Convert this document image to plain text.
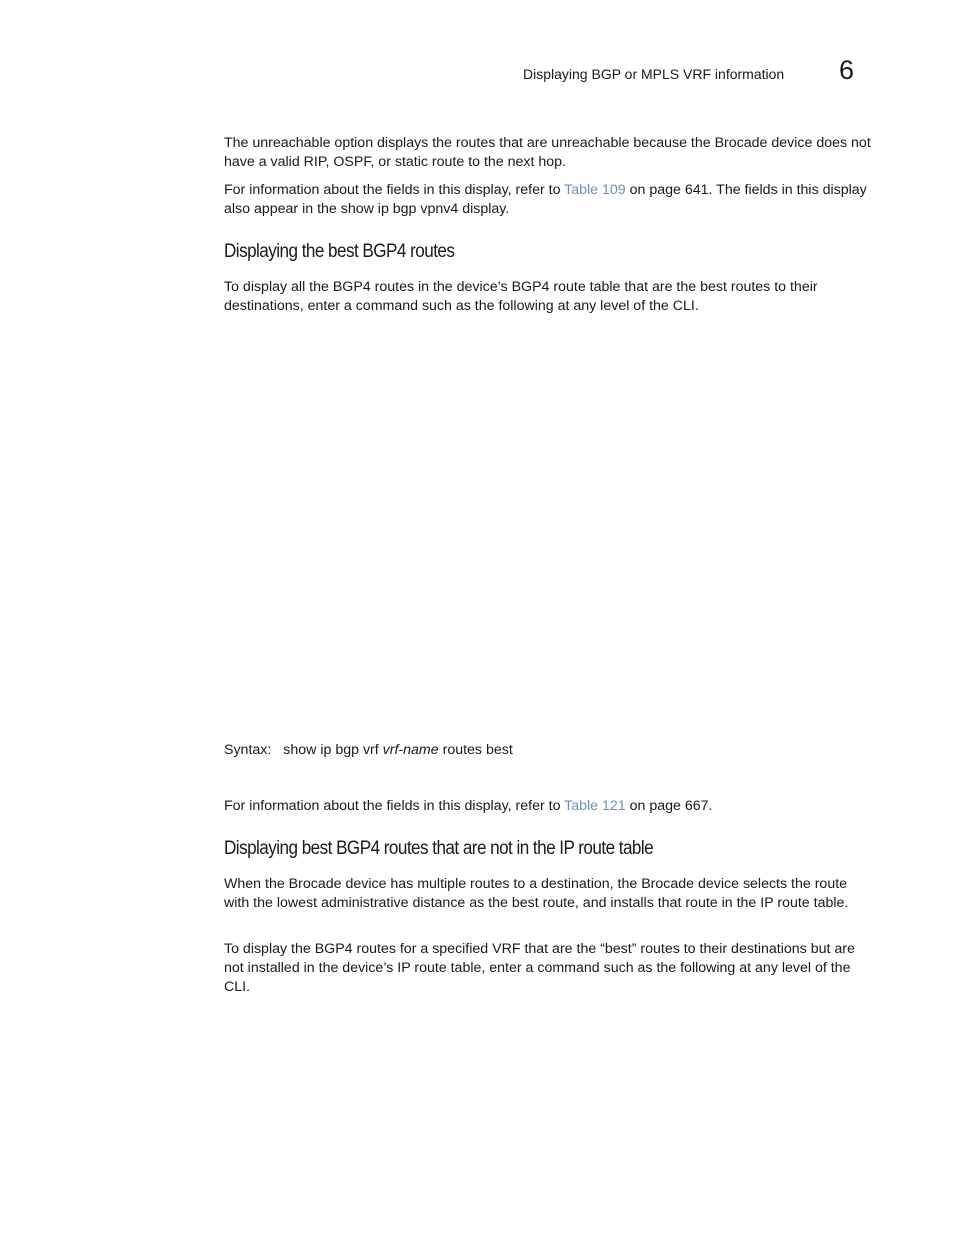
Displaying BGP or MPLS VRF information 6

The unreachable option displays the routes that are unreachable because the Brocade device does not have a valid RIP, OSPF, or static route to the next hop.

For information about the fields in this display, refer to Table 109 on page 641. The fields in this display also appear in the show ip bgp vpnv4 display.

Displaying the best BGP4 routes

To display all the BGP4 routes in the device’s BGP4 route table that are the best routes to their destinations, enter a command such as the following at any level of the CLI.

Syntax: show ip bgp vrf vrf-name routes best

For information about the fields in this display, refer to Table 121 on page 667.

Displaying best BGP4 routes that are not in the IP route table

When the Brocade device has multiple routes to a destination, the Brocade device selects the route with the lowest administrative distance as the best route, and installs that route in the IP route table.

To display the BGP4 routes for a specified VRF that are the “best” routes to their destinations but are not installed in the device’s IP route table, enter a command such as the following at any level of the CLI.
